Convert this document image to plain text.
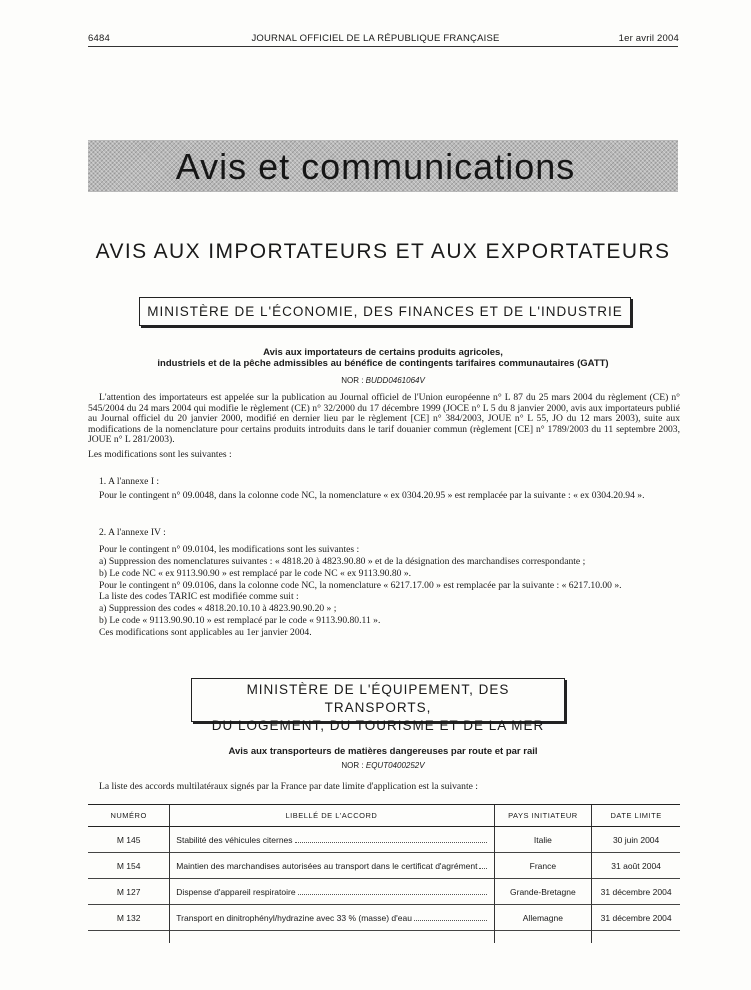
6484	JOURNAL OFFICIEL DE LA RÉPUBLIQUE FRANÇAISE	1er avril 2004
Avis et communications
AVIS AUX IMPORTATEURS ET AUX EXPORTATEURS
MINISTÈRE DE L'ÉCONOMIE, DES FINANCES ET DE L'INDUSTRIE
Avis aux importateurs de certains produits agricoles,
industriels et de la pêche admissibles au bénéfice de contingents tarifaires communautaires (GATT)
NOR : BUDD0461064V
L'attention des importateurs est appelée sur la publication au Journal officiel de l'Union européenne n° L 87 du 25 mars 2004 du règlement (CE) n° 545/2004 du 24 mars 2004 qui modifie le règlement (CE) n° 32/2000 du 17 décembre 1999 (JOCE n° L 5 du 8 janvier 2000, avis aux importateurs publié au Journal officiel du 20 janvier 2000, modifié en dernier lieu par le règlement [CE] n° 384/2003, JOUE n° L 55, JO du 12 mars 2003), suite aux modifications de la nomenclature pour certains produits introduits dans le tarif douanier commun (règlement [CE] n° 1789/2003 du 11 septembre 2003, JOUE n° L 281/2003).
Les modifications sont les suivantes :
1. A l'annexe I :
Pour le contingent n° 09.0048, dans la colonne code NC, la nomenclature « ex 0304.20.95 » est remplacée par la suivante : « ex 0304.20.94 ».
2. A l'annexe IV :
Pour le contingent n° 09.0104, les modifications sont les suivantes :
a) Suppression des nomenclatures suivantes : « 4818.20 à 4823.90.80 » et de la désignation des marchandises correspondante ;
b) Le code NC « ex 9113.90.90 » est remplacé par le code NC « ex 9113.90.80 ».
Pour le contingent n° 09.0106, dans la colonne code NC, la nomenclature « 6217.17.00 » est remplacée par la suivante : « 6217.10.00 ».
La liste des codes TARIC est modifiée comme suit :
a) Suppression des codes « 4818.20.10.10 à 4823.90.90.20 » ;
b) Le code « 9113.90.90.10 » est remplacé par le code « 9113.90.80.11 ».
Ces modifications sont applicables au 1er janvier 2004.
MINISTÈRE DE L'ÉQUIPEMENT, DES TRANSPORTS,
DU LOGEMENT, DU TOURISME ET DE LA MER
Avis aux transporteurs de matières dangereuses par route et par rail
NOR : EQUT0400252V
La liste des accords multilatéraux signés par la France par date limite d'application est la suivante :
NUMÉRO	LIBELLÉ DE L'ACCORD	PAYS INITIATEUR	DATE LIMITE
M 145	Stabilité des véhicules citernes	Italie	30 juin 2004
M 154	Maintien des marchandises autorisées au transport dans le certificat d'agrément	France	31 août 2004
M 127	Dispense d'appareil respiratoire	Grande-Bretagne	31 décembre 2004
M 132	Transport en dinitrophényl/hydrazine avec 33 % (masse) d'eau	Allemagne	31 décembre 2004
